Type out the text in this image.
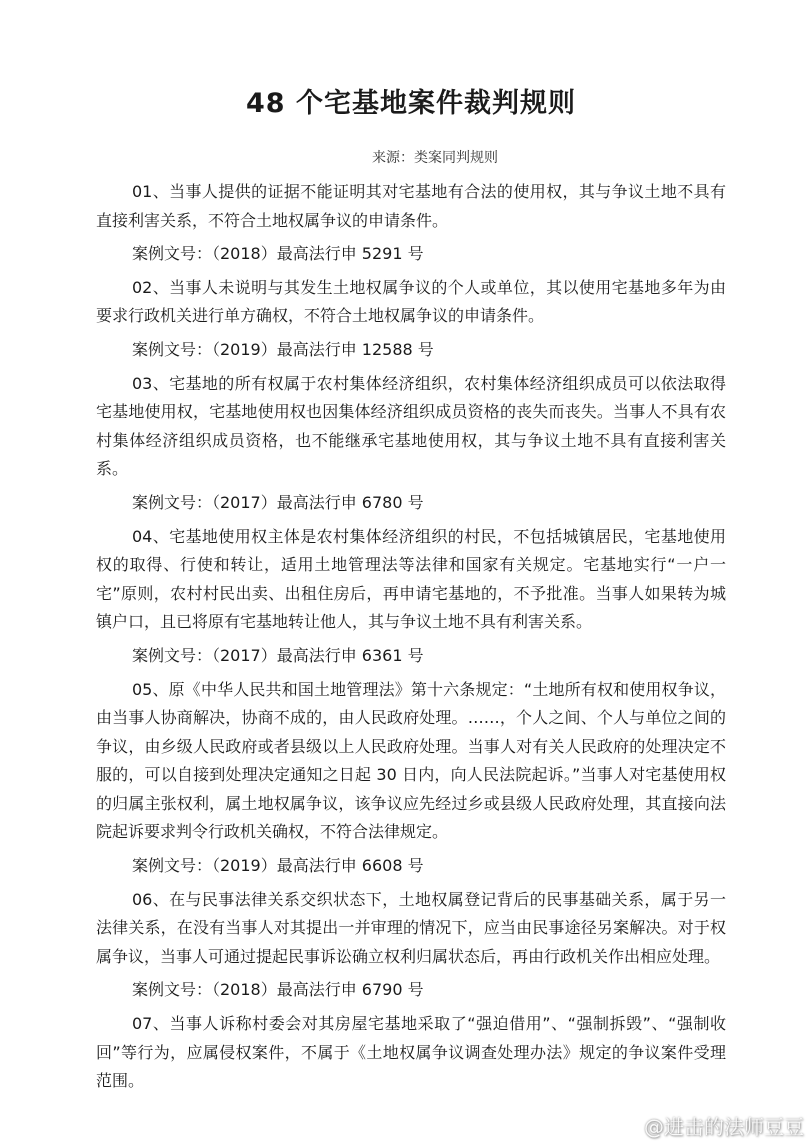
48 个宅基地案件裁判规则
来源：类案同判规则

01、当事人提供的证据不能证明其对宅基地有合法的使用权，其与争议土地不具有直接利害关系，不符合土地权属争议的申请条件。

案例文号：（2018）最高法行申 5291 号

02、当事人未说明与其发生土地权属争议的个人或单位，其以使用宅基地多年为由要求行政机关进行单方确权，不符合土地权属争议的申请条件。

案例文号：（2019）最高法行申 12588 号

03、宅基地的所有权属于农村集体经济组织，农村集体经济组织成员可以依法取得宅基地使用权，宅基地使用权也因集体经济组织成员资格的丧失而丧失。当事人不具有农村集体经济组织成员资格，也不能继承宅基地使用权，其与争议土地不具有直接利害关系。

案例文号：（2017）最高法行申 6780 号

04、宅基地使用权主体是农村集体经济组织的村民，不包括城镇居民，宅基地使用权的取得、行使和转让，适用土地管理法等法律和国家有关规定。宅基地实行“一户一宅”原则，农村村民出卖、出租住房后，再申请宅基地的，不予批准。当事人如果转为城镇户口，且已将原有宅基地转让他人，其与争议土地不具有利害关系。

案例文号：（2017）最高法行申 6361 号

05、原《中华人民共和国土地管理法》第十六条规定：“土地所有权和使用权争议，由当事人协商解决，协商不成的，由人民政府处理。……，个人之间、个人与单位之间的争议，由乡级人民政府或者县级以上人民政府处理。当事人对有关人民政府的处理决定不服的，可以自接到处理决定通知之日起 30 日内，向人民法院起诉。”当事人对宅基使用权的归属主张权利，属土地权属争议，该争议应先经过乡或县级人民政府处理，其直接向法院起诉要求判令行政机关确权，不符合法律规定。

案例文号：（2019）最高法行申 6608 号

06、在与民事法律关系交织状态下，土地权属登记背后的民事基础关系，属于另一法律关系，在没有当事人对其提出一并审理的情况下，应当由民事途径另案解决。对于权属争议，当事人可通过提起民事诉讼确立权利归属状态后，再由行政机关作出相应处理。

案例文号：（2018）最高法行申 6790 号

07、当事人诉称村委会对其房屋宅基地采取了“强迫借用”、“强制拆毁”、“强制收回”等行为，应属侵权案件，不属于《土地权属争议调查处理办法》规定的争议案件受理范围。

@进击的法师豆豆
